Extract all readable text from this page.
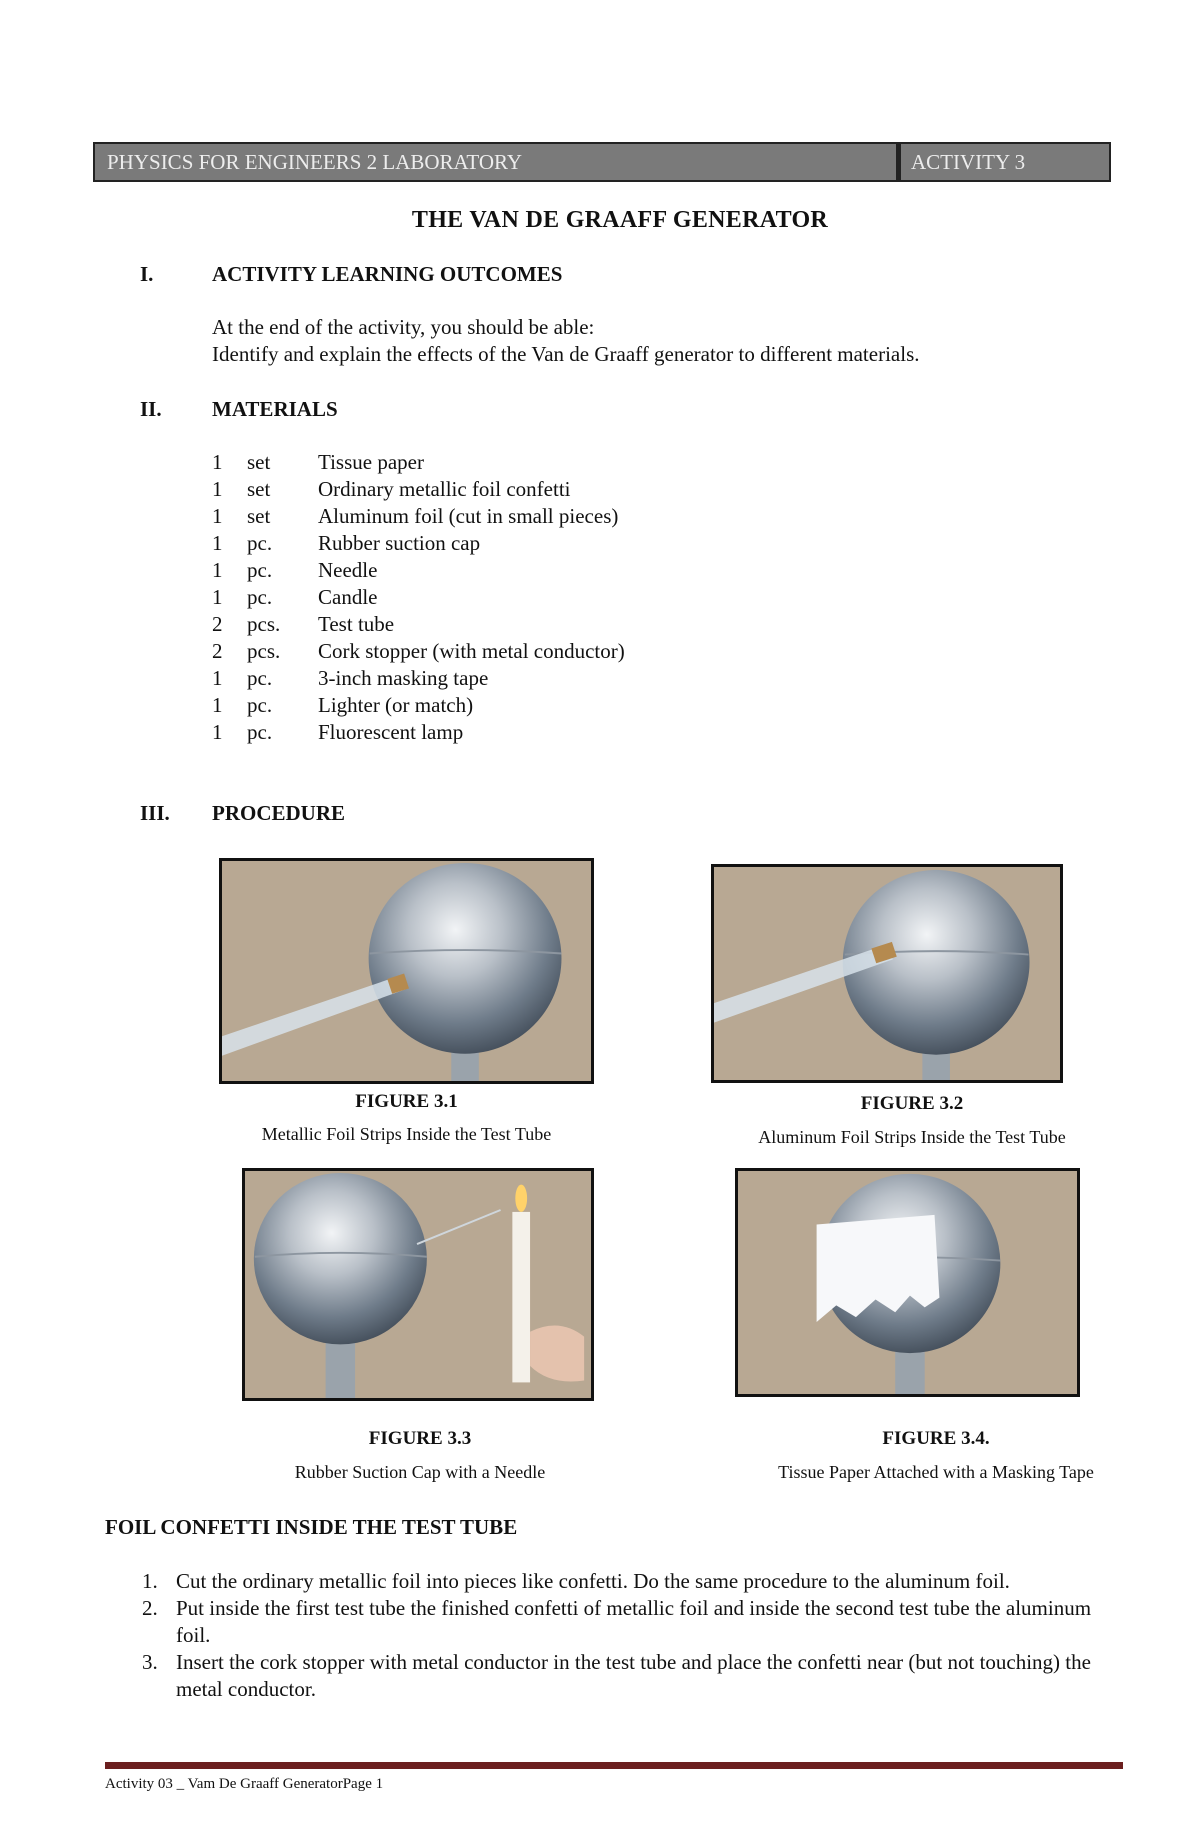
PHYSICS FOR ENGINEERS 2 LABORATORY	ACTIVITY 3
THE VAN DE GRAAFF GENERATOR
I.	ACTIVITY LEARNING OUTCOMES
At the end of the activity, you should be able:
Identify and explain the effects of the Van de Graaff generator to different materials.
II. MATERIALS
1 set Tissue paper
1 set Ordinary metallic foil confetti
1 set Aluminum foil (cut in small pieces)
1 pc. Rubber suction cap
1 pc. Needle
1 pc. Candle
2 pcs. Test tube
2 pcs. Cork stopper (with metal conductor)
1 pc. 3-inch masking tape
1 pc. Lighter (or match)
1 pc. Fluorescent lamp
III. PROCEDURE
FIGURE 3.1
Metallic Foil Strips Inside the Test Tube
FIGURE 3.2
Aluminum Foil Strips Inside the Test Tube
FIGURE 3.3
Rubber Suction Cap with a Needle
FIGURE 3.4.
Tissue Paper Attached with a Masking Tape
FOIL CONFETTI INSIDE THE TEST TUBE
1. Cut the ordinary metallic foil into pieces like confetti. Do the same procedure to the aluminum foil.
2. Put inside the first test tube the finished confetti of metallic foil and inside the second test tube the aluminum foil.
3. Insert the cork stopper with metal conductor in the test tube and place the confetti near (but not touching) the metal conductor.
Activity 03 _ Vam De Graaff GeneratorPage 1
